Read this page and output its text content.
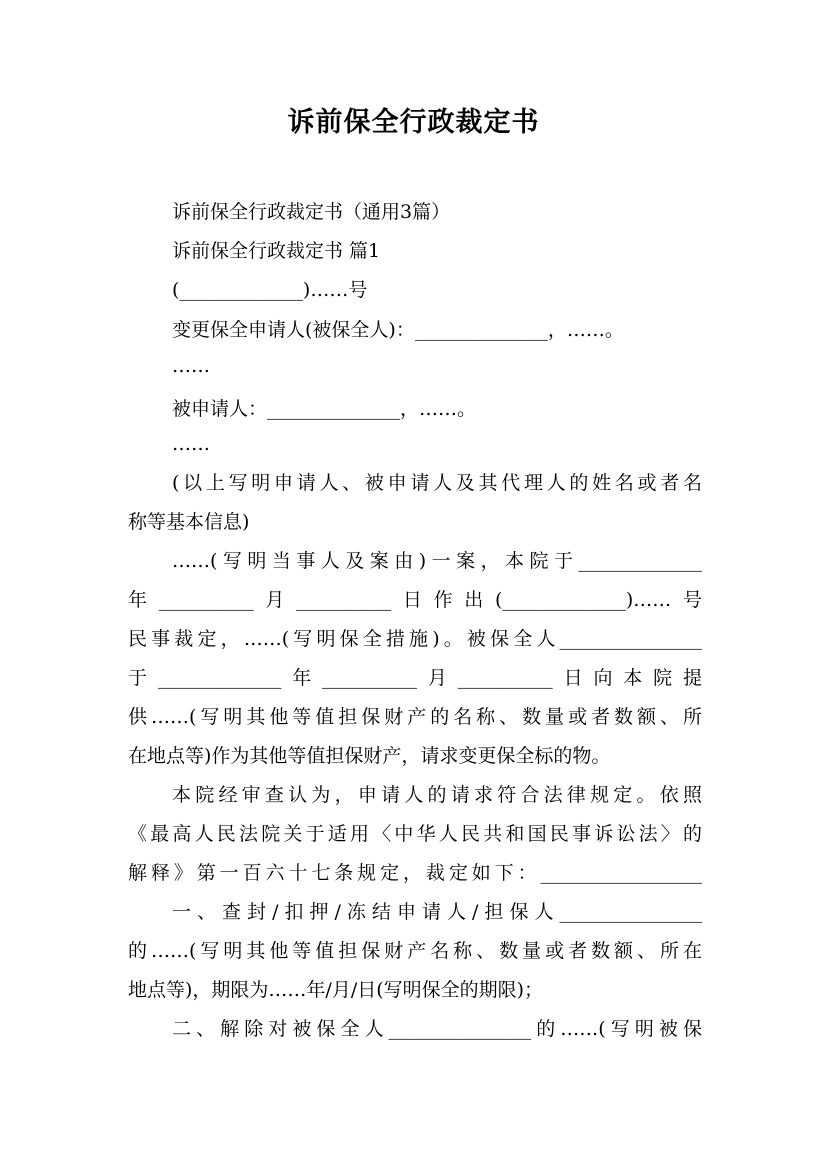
诉前保全行政裁定书
诉前保全行政裁定书（通用3篇）
诉前保全行政裁定书 篇1
(_____________)……号
变更保全申请人(被保全人)：______________，……。
……
被申请人：______________，……。
……
(以上写明申请人、被申请人及其代理人的姓名或者名
称等基本信息)
……(写明当事人及案由)一案，本院于_____________
年__________月__________日作出(_____________)……号
民事裁定，……(写明保全措施)。被保全人_______________
于_____________年__________月__________日向本院提
供……(写明其他等值担保财产的名称、数量或者数额、所
在地点等)作为其他等值担保财产，请求变更保全标的物。
本院经审查认为，申请人的请求符合法律规定。依照
《最高人民法院关于适用〈中华人民共和国民事诉讼法〉的
解释》第一百六十七条规定，裁定如下：_________________
一、查封/扣押/冻结申请人/担保人_______________
的……(写明其他等值担保财产名称、数量或者数额、所在
地点等)，期限为……年/月/日(写明保全的期限)；
二、解除对被保全人_______________的……(写明被保
